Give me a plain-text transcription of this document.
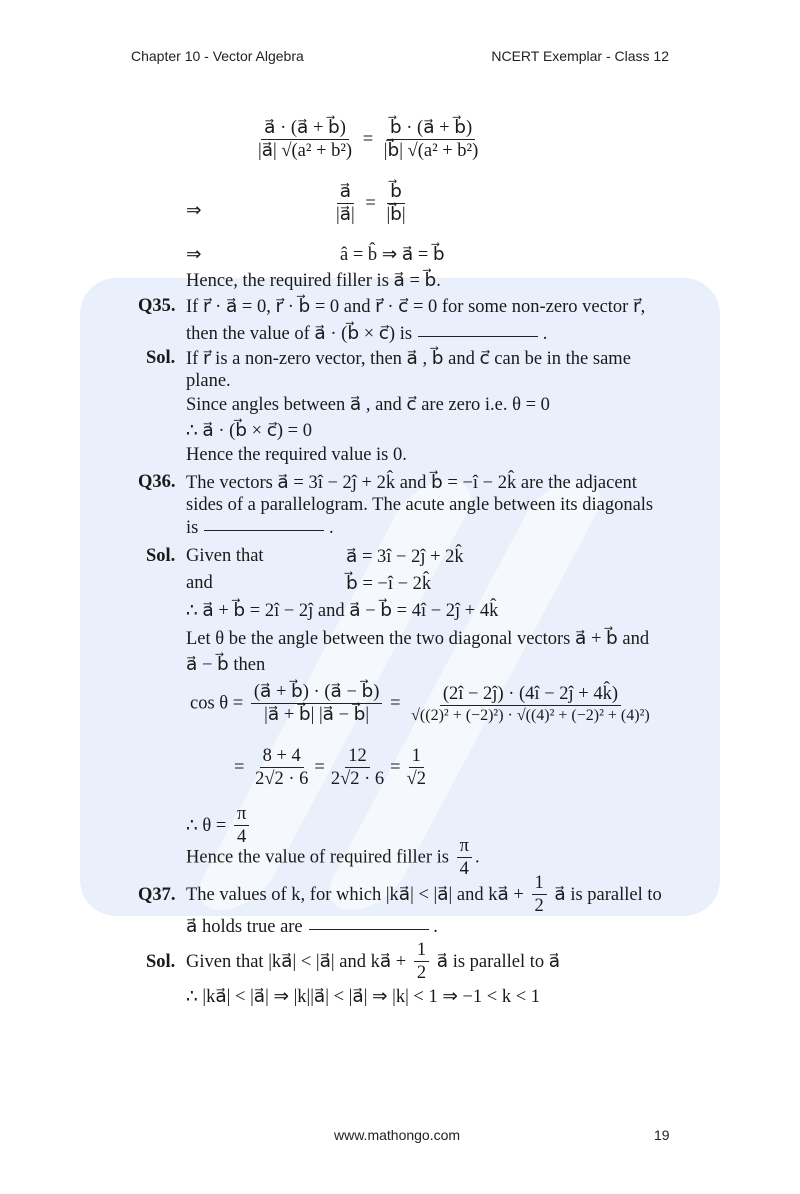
Chapter 10 - Vector Algebra	NCERT Exemplar - Class 12
$\frac{a⃗ \cdot (a⃗ + b⃗)}{\text{|a⃗| √(a² + b²)}} = \frac{b⃗ \cdot (a⃗ + b⃗)}{\text{|b⃗| √(a² + b²)}}$
⇒	$\frac{a⃗}{|a⃗|} = \frac{b⃗}{|b⃗|}$
⇒	â = b̂ ⇒ a⃗ = b⃗
Hence, the required filler is a⃗ = b⃗.
Q35. If r⃗ · a⃗ = 0, r⃗ · b⃗ = 0 and r⃗ · c⃗ = 0 for some non-zero vector r⃗,
then the value of a⃗ · (b⃗ × c⃗) is	.
Sol. If r⃗ is a non-zero vector, then a⃗ , b⃗ and c⃗ can be in the same
plane.
Since angles between a⃗ , and c⃗ are zero i.e. θ = 0
∴ a⃗ · (b⃗ × c⃗) = 0
Hence the required value is 0.
Q36. The vectors a⃗ = 3î − 2ĵ + 2k̂ and b⃗ = −î − 2k̂ are the adjacent
sides of a parallelogram. The acute angle between its diagonals
is	.
Sol. Given that	a⃗ = 3î − 2ĵ + 2k̂
and	b⃗ = −î − 2k̂
∴ a⃗ + b⃗ = 2î − 2ĵ and a⃗ − b⃗ = 4î − 2ĵ + 4k̂
Let θ be the angle between the two diagonal vectors a⃗ + b⃗ and
a⃗ − b⃗ then
$\cos \theta = \frac{(a⃗ + b⃗) \cdot (a⃗ - b⃗)}{|a⃗ + b⃗| |a⃗ - b⃗|} = \frac{(2î - 2ĵ) \cdot (4î - 2ĵ + 4k̂)}{\text{√((2)² + (−2)²) · √((4)² + (−2)² + (4)²)}}$
= $\frac{8 + 4}{2√2 \cdot 6} = \frac{12}{2√2 \cdot 6} = \frac{1}{√2}$
∴ $\theta = \frac{\pi}{4}$
Hence the value of required filler is $\frac{\pi}{4}$ .
Q37. The values of k, for which |ka⃗| < |a⃗| and ka⃗ + $\frac{1}{2}$ a⃗ is parallel to
a⃗ holds true are	.
Sol. Given that |ka⃗| < |a⃗| and ka⃗ + $\frac{1}{2}$ a⃗ is parallel to a⃗
∴ |ka⃗| < |a⃗| ⇒ |k||a⃗| < |a⃗| ⇒ |k| < 1 ⇒ −1 < k < 1
www.mathongo.com	19
